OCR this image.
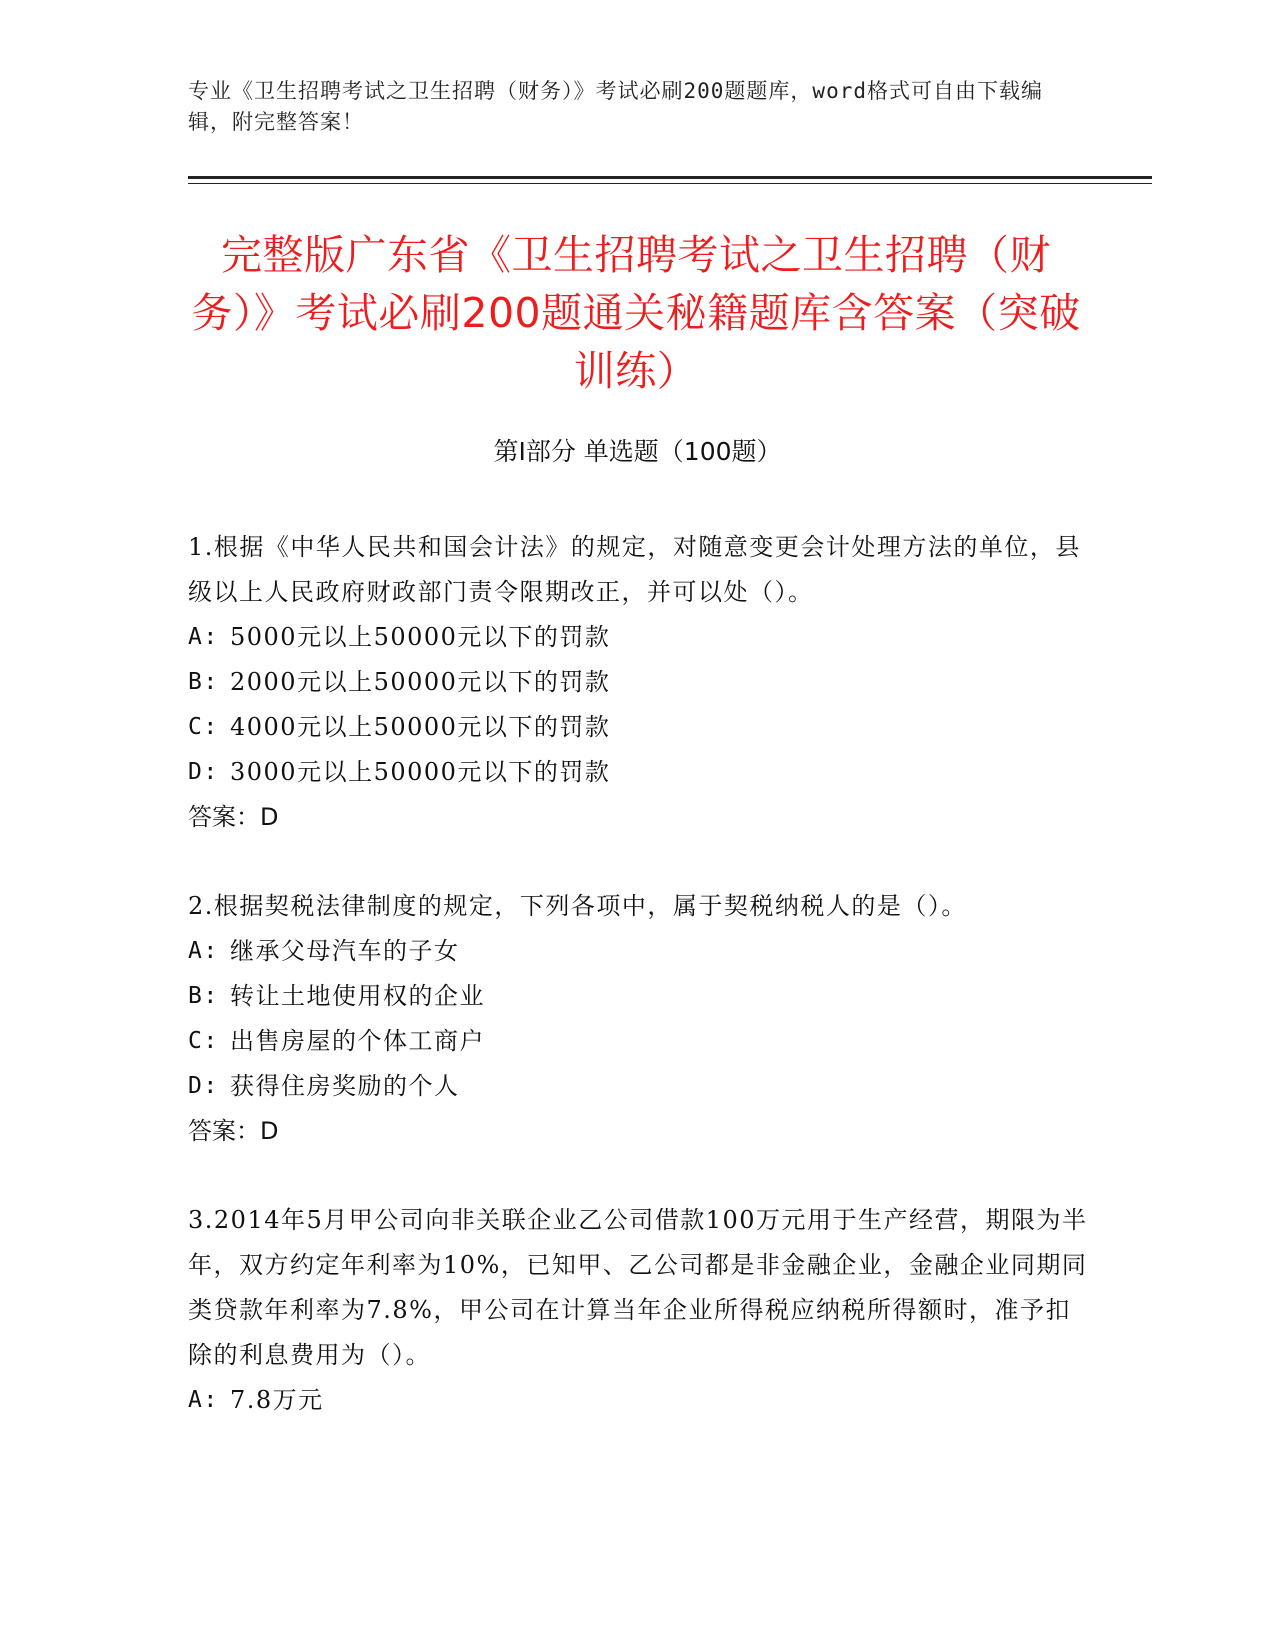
专业《卫生招聘考试之卫生招聘（财务）》考试必刷200题题库，word格式可自由下载编辑，附完整答案！
完整版广东省《卫生招聘考试之卫生招聘（财务）》考试必刷200题通关秘籍题库含答案（突破训练）
第I部分 单选题（100题）
1.根据《中华人民共和国会计法》的规定，对随意变更会计处理方法的单位，县级以上人民政府财政部门责令限期改正，并可以处（）。
A: 5000元以上50000元以下的罚款
B: 2000元以上50000元以下的罚款
C: 4000元以上50000元以下的罚款
D: 3000元以上50000元以下的罚款
答案：D
2.根据契税法律制度的规定，下列各项中，属于契税纳税人的是（）。
A: 继承父母汽车的子女
B: 转让土地使用权的企业
C: 出售房屋的个体工商户
D: 获得住房奖励的个人
答案：D
3.2014年5月甲公司向非关联企业乙公司借款100万元用于生产经营，期限为半年，双方约定年利率为10%，已知甲、乙公司都是非金融企业，金融企业同期同类贷款年利率为7.8%，甲公司在计算当年企业所得税应纳税所得额时，准予扣除的利息费用为（）。
A: 7.8万元
